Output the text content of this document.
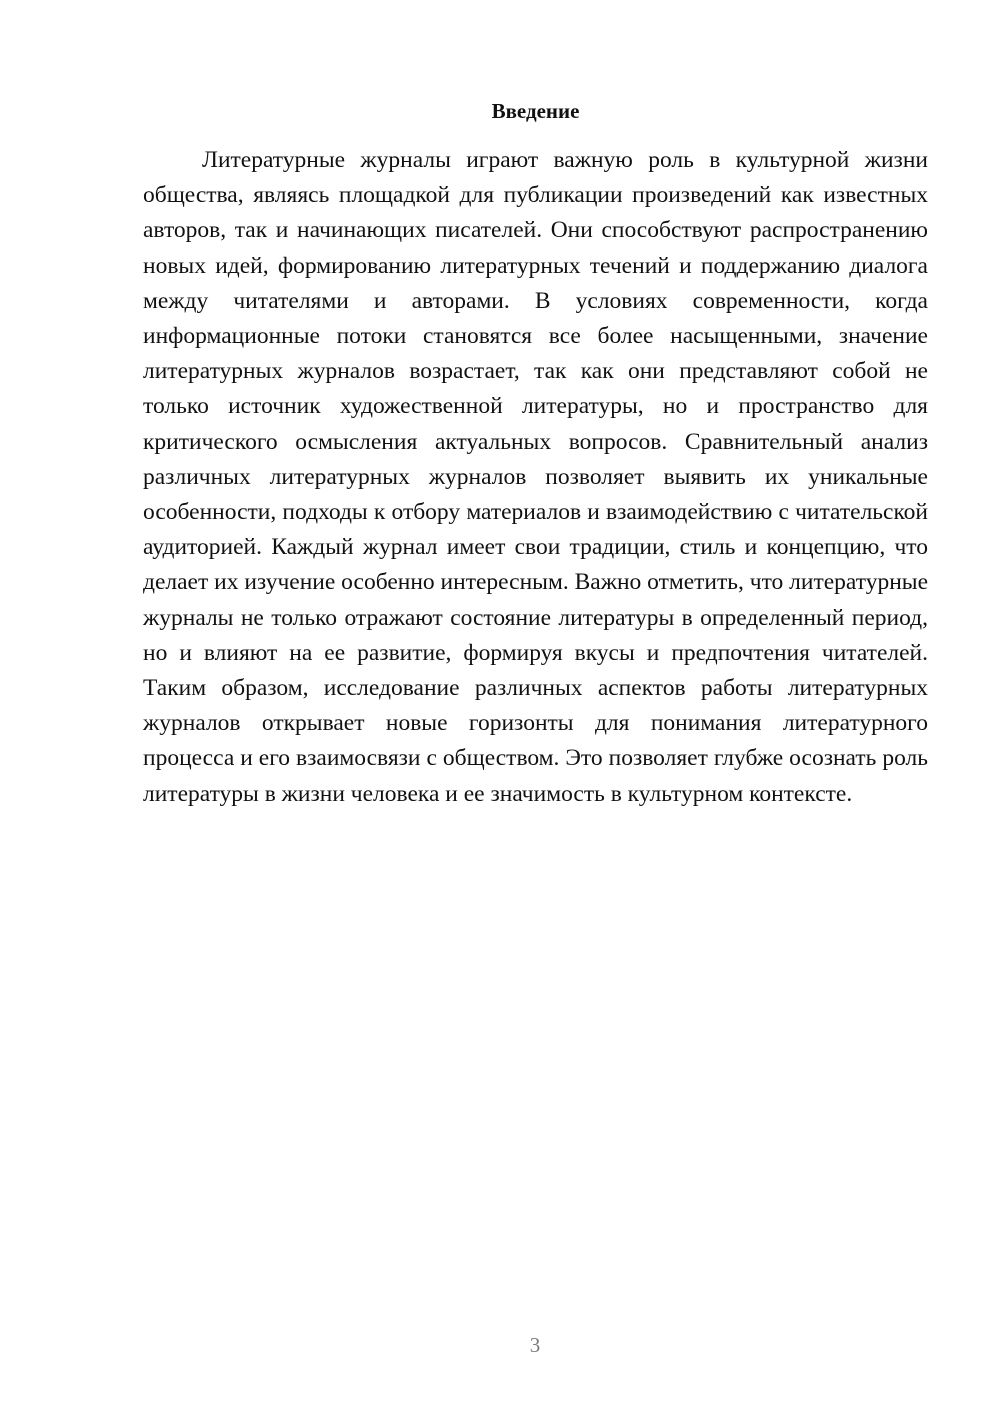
Введение

Литературные журналы играют важную роль в культурной жизни общества, являясь площадкой для публикации произведений как известных авторов, так и начинающих писателей. Они способствуют распространению новых идей, формированию литературных течений и поддержанию диалога между читателями и авторами. В условиях современности, когда информационные потоки становятся все более насыщенными, значение литературных журналов возрастает, так как они представляют собой не только источник художественной литературы, но и пространство для критического осмысления актуальных вопросов. Сравнительный анализ различных литературных журналов позволяет выявить их уникальные особенности, подходы к отбору материалов и взаимодействию с читательской аудиторией. Каждый журнал имеет свои традиции, стиль и концепцию, что делает их изучение особенно интересным. Важно отметить, что литературные журналы не только отражают состояние литературы в определенный период, но и влияют на ее развитие, формируя вкусы и предпочтения читателей. Таким образом, исследование различных аспектов работы литературных журналов открывает новые горизонты для понимания литературного процесса и его взаимосвязи с обществом. Это позволяет глубже осознать роль литературы в жизни человека и ее значимость в культурном контексте.

3
